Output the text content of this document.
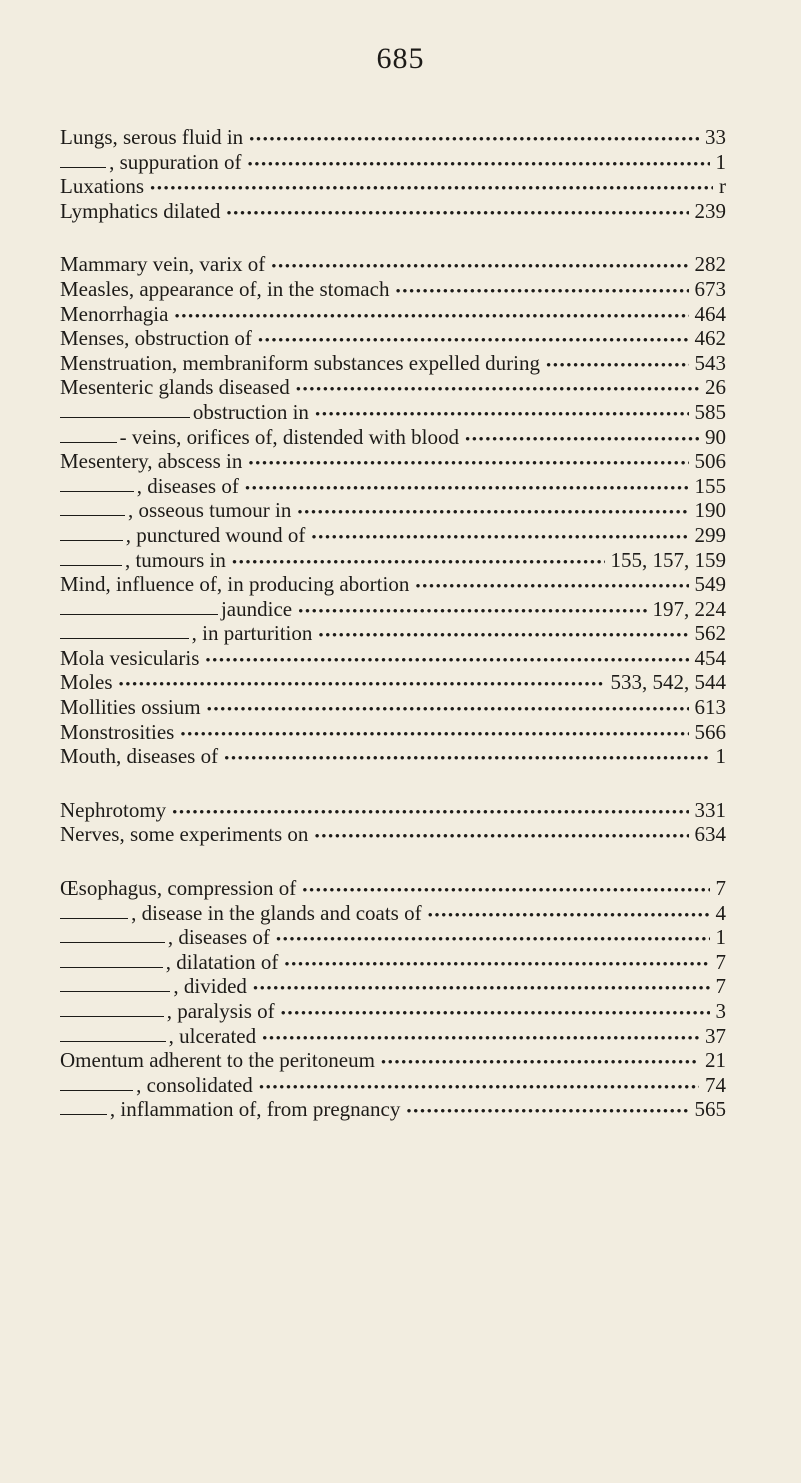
685
Lungs, serous fluid in •••••	33
, suppuration of •••••	1
Luxations •••••	r
Lymphatics dilated •••••	239
Mammary vein, varix of •••••	282
Measles, appearance of, in the stomach •••••	673
Menorrhagia •••••	464
Menses, obstruction of •••••	462
Menstruation, membraniform substances expelled during •••••	543
Mesenteric glands diseased •••••	26
obstruction in •••••	585
- veins, orifices of, distended with blood •••••	90
Mesentery, abscess in •••••	506
, diseases of •••••	155
, osseous tumour in •••••	190
, punctured wound of •••••	299
, tumours in •••••	155, 157, 159
Mind, influence of, in producing abortion •••••	549
jaundice •••••	197, 224
, in parturition •••••	562
Mola vesicularis •••••	454
Moles •••••	533, 542, 544
Mollities ossium •••••	613
Monstrosities •••••	566
Mouth, diseases of •••••	1
Nephrotomy •••••	331
Nerves, some experiments on •••••	634
Œsophagus, compression of •••••	7
, disease in the glands and coats of •••••	4
, diseases of •••••	1
, dilatation of •••••	7
, divided •••••	7
, paralysis of •••••	3
, ulcerated •••••	37
Omentum adherent to the peritoneum •••••	21
, consolidated •••••	74
, inflammation of, from pregnancy •••••	565
